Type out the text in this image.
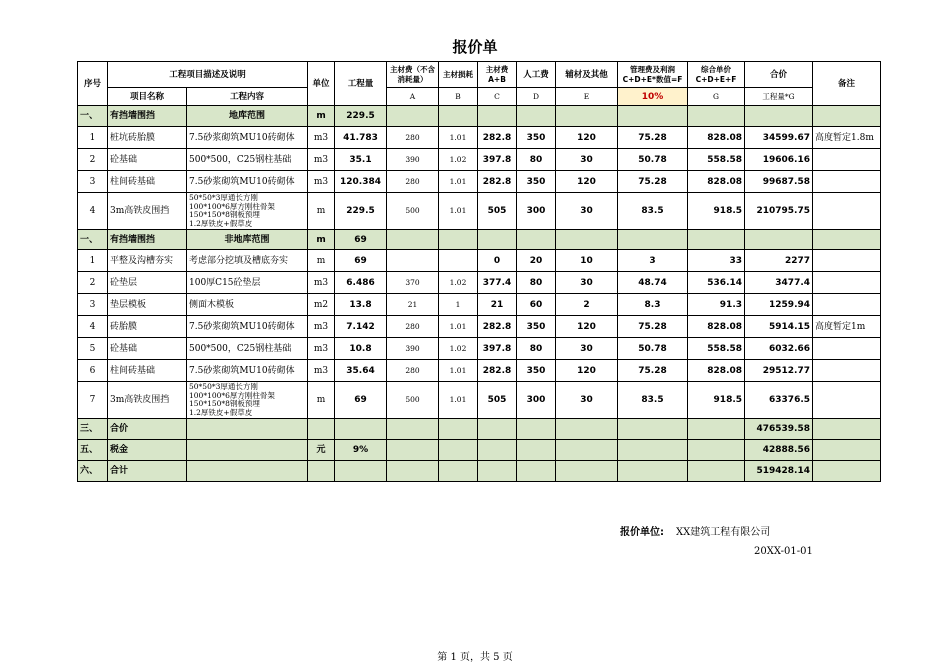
报价单
序号	工程项目描述及说明		单位	工程量	主材费（不含消耗量）	主材损耗	主材费A+B	人工费	辅材及其他	管理费及利润C+D+E*数值=F	综合单价C+D+E+F	合价	备注
	项目名称	工程内容			A	B	C	D	E	10%	G	工程量*G	
一、	有挡墙围挡	地库范围	m	229.5									
1	桩坑砖胎膜	7.5砂浆砌筑MU10砖砌体	m3	41.783	280	1.01	282.8	350	120	75.28	828.08	34599.67	高度暂定1.8m
2	砼基础	500*500，C25钢柱基础	m3	35.1	390	1.02	397.8	80	30	50.78	558.58	19606.16	
3	柱间砖基础	7.5砂浆砌筑MU10砖砌体	m3	120.384	280	1.01	282.8	350	120	75.28	828.08	99687.58	
4	3m高铁皮围挡	50*50*3厚通长方刚
100*100*6厚方刚柱骨架
150*150*8钢板预埋
1.2厚铁皮+假草皮	m	229.5	500	1.01	505	300	30	83.5	918.5	210795.75	
一、	有挡墙围挡	非地库范围	m	69									
1	平整及沟槽夯实	考虑部分挖填及槽底夯实	m	69			0	20	10	3	33	2277	
2	砼垫层	100厚C15砼垫层	m3	6.486	370	1.02	377.4	80	30	48.74	536.14	3477.4	
3	垫层模板	侧面木模板	m2	13.8	21	1	21	60	2	8.3	91.3	1259.94	
4	砖胎膜	7.5砂浆砌筑MU10砖砌体	m3	7.142	280	1.01	282.8	350	120	75.28	828.08	5914.15	高度暂定1m
5	砼基础	500*500，C25钢柱基础	m3	10.8	390	1.02	397.8	80	30	50.78	558.58	6032.66	
6	柱间砖基础	7.5砂浆砌筑MU10砖砌体	m3	35.64	280	1.01	282.8	350	120	75.28	828.08	29512.77	
7	3m高铁皮围挡	50*50*3厚通长方刚
100*100*6厚方刚柱骨架
150*150*8钢板预埋
1.2厚铁皮+假草皮	m	69	500	1.01	505	300	30	83.5	918.5	63376.5	
三、	合价											476539.58	
五、	税金		元	9%								42888.56	
六、	合计											519428.14	
报价单位: XX建筑工程有限公司
20XX-01-01
第 1 页，共 5 页
